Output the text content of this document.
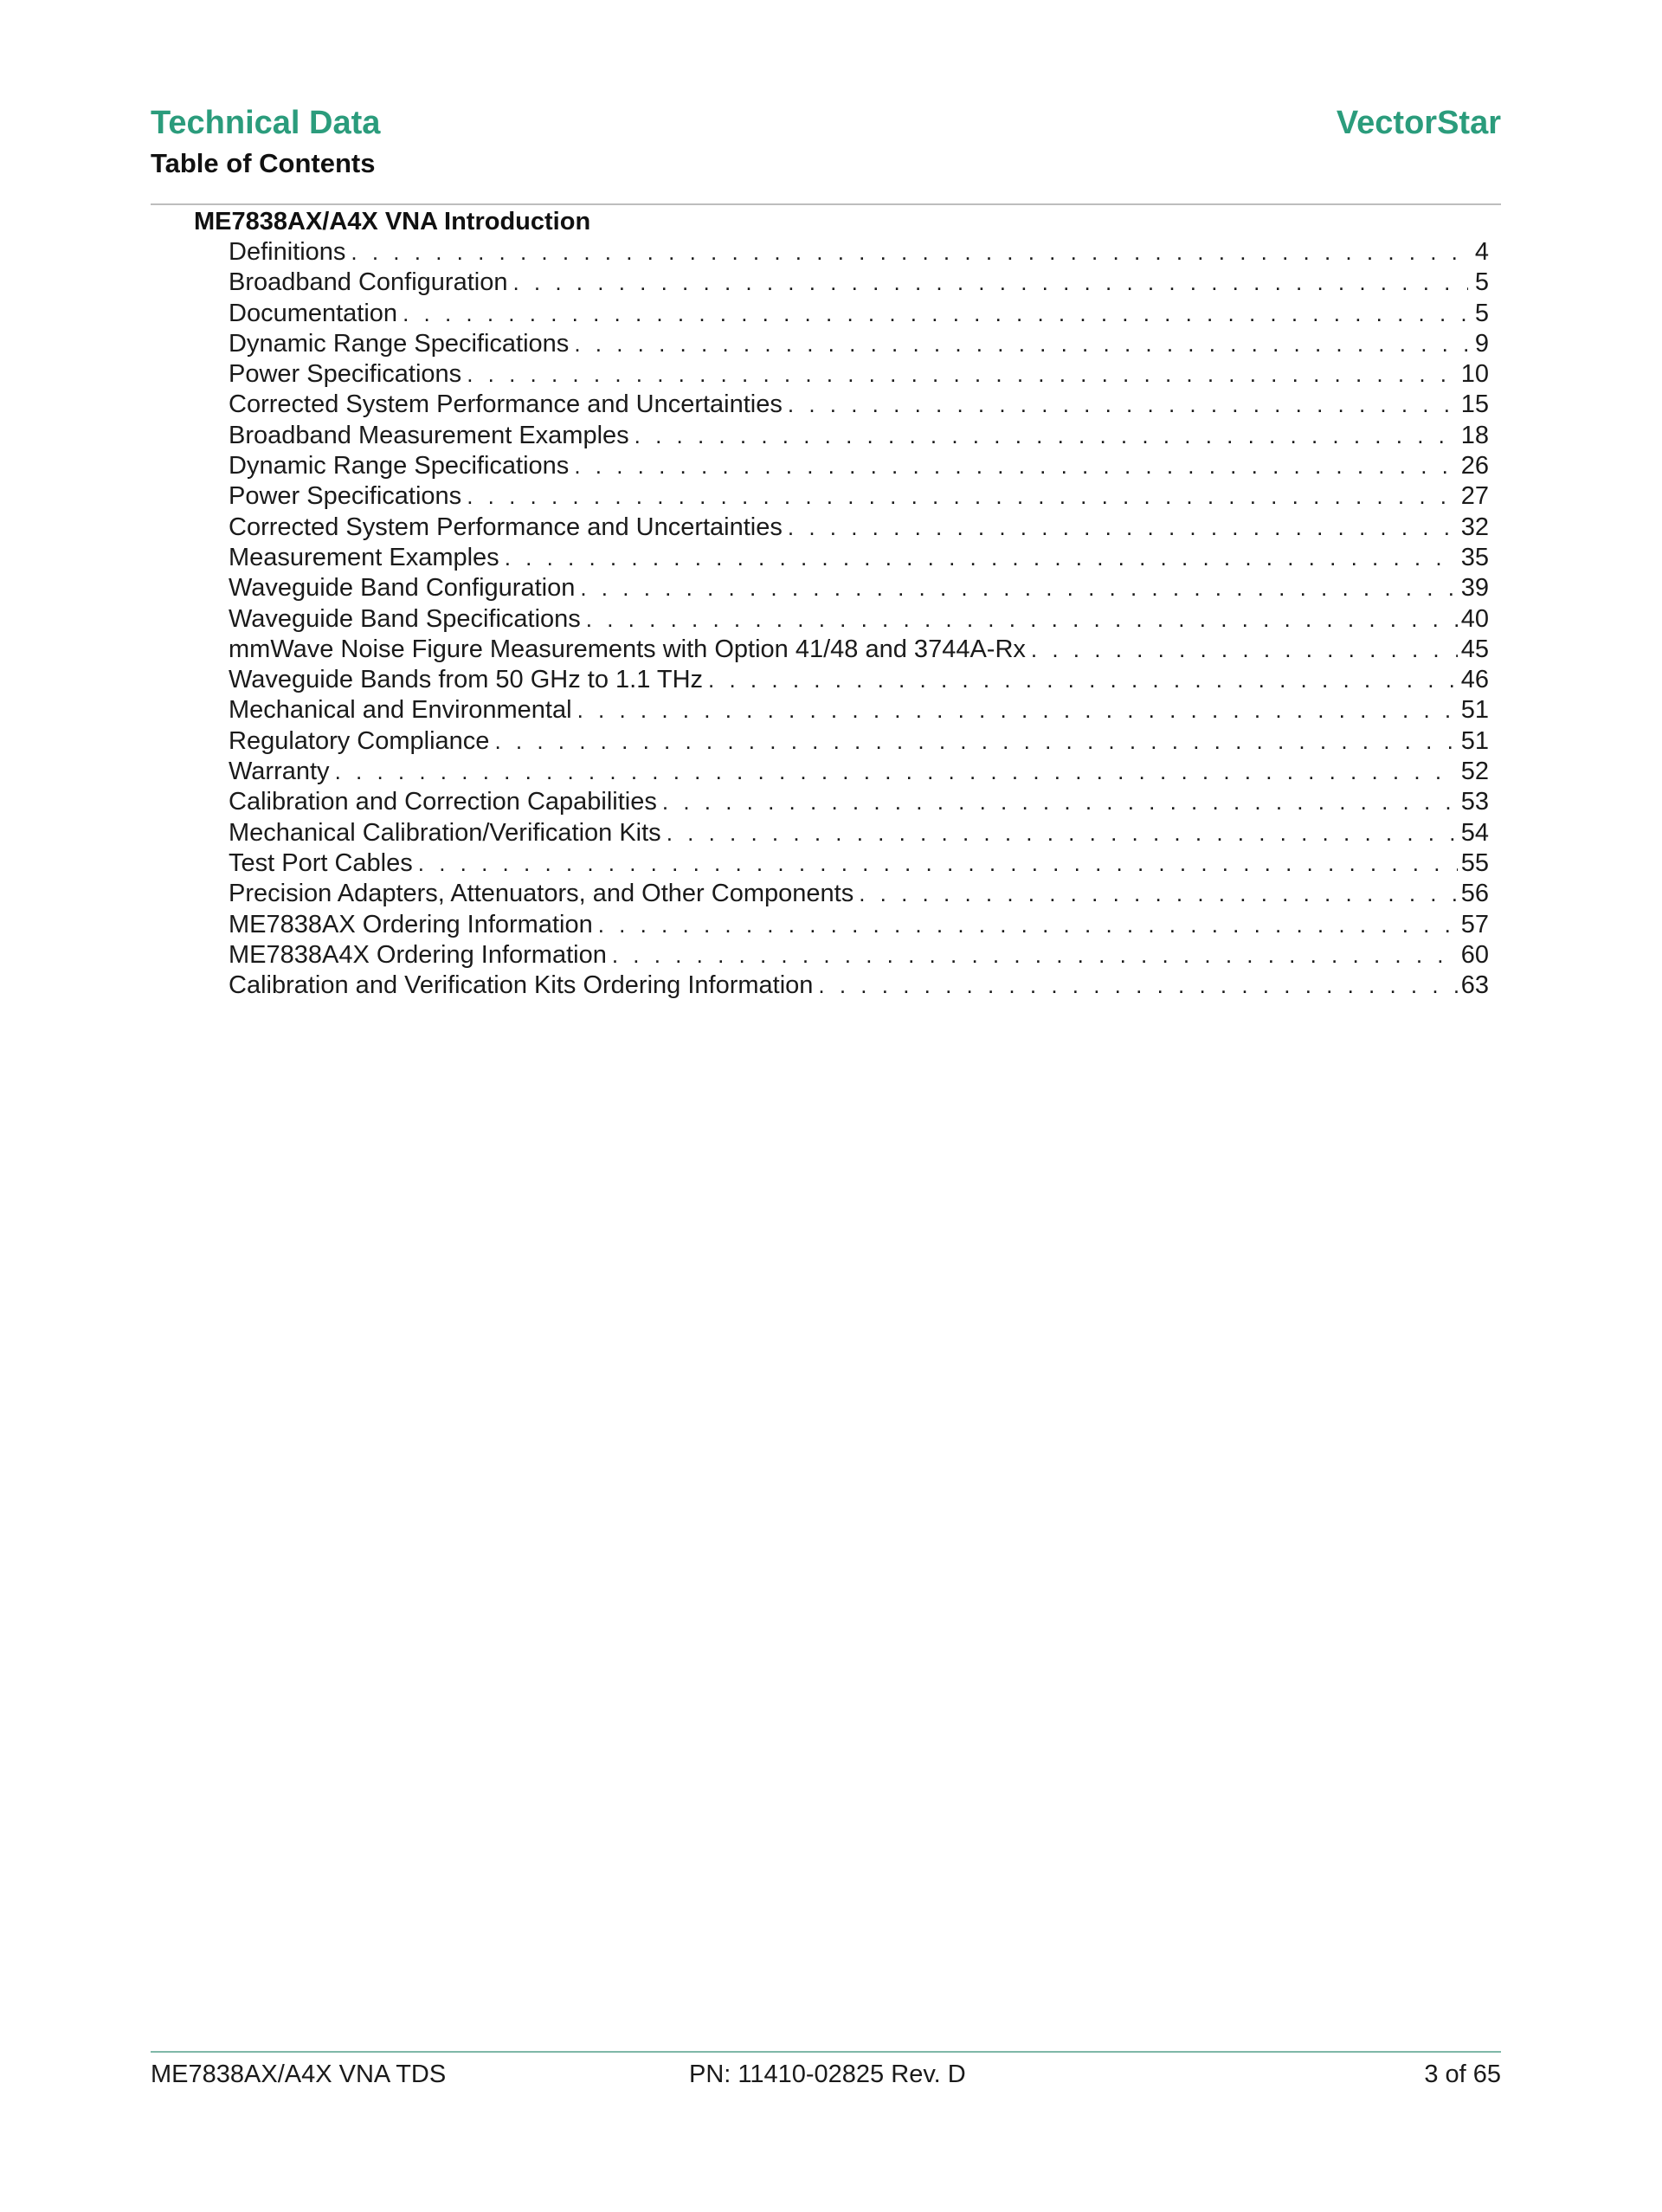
Technical Data	VectorStar
Table of Contents
ME7838AX/A4X VNA Introduction
Definitions . . .	4
Broadband Configuration . . .	5
Documentation . . .	5
Dynamic Range Specifications . . .	9
Power Specifications . . .	10
Corrected System Performance and Uncertainties . . .	15
Broadband Measurement Examples . . .	18
Dynamic Range Specifications . . .	26
Power Specifications . . .	27
Corrected System Performance and Uncertainties . . .	32
Measurement Examples . . .	35
Waveguide Band Configuration . . .	39
Waveguide Band Specifications . . .	40
mmWave Noise Figure Measurements with Option 41/48 and 3744A-Rx . . .	45
Waveguide Bands from 50 GHz to 1.1 THz . . .	46
Mechanical and Environmental . . .	51
Regulatory Compliance . . .	51
Warranty . . .	52
Calibration and Correction Capabilities . . .	53
Mechanical Calibration/Verification Kits . . .	54
Test Port Cables . . .	55
Precision Adapters, Attenuators, and Other Components . . .	56
ME7838AX Ordering Information . . .	57
ME7838A4X Ordering Information . . .	60
Calibration and Verification Kits Ordering Information . . .	63
ME7838AX/A4X VNA TDS	PN: 11410-02825 Rev. D	3 of 65
